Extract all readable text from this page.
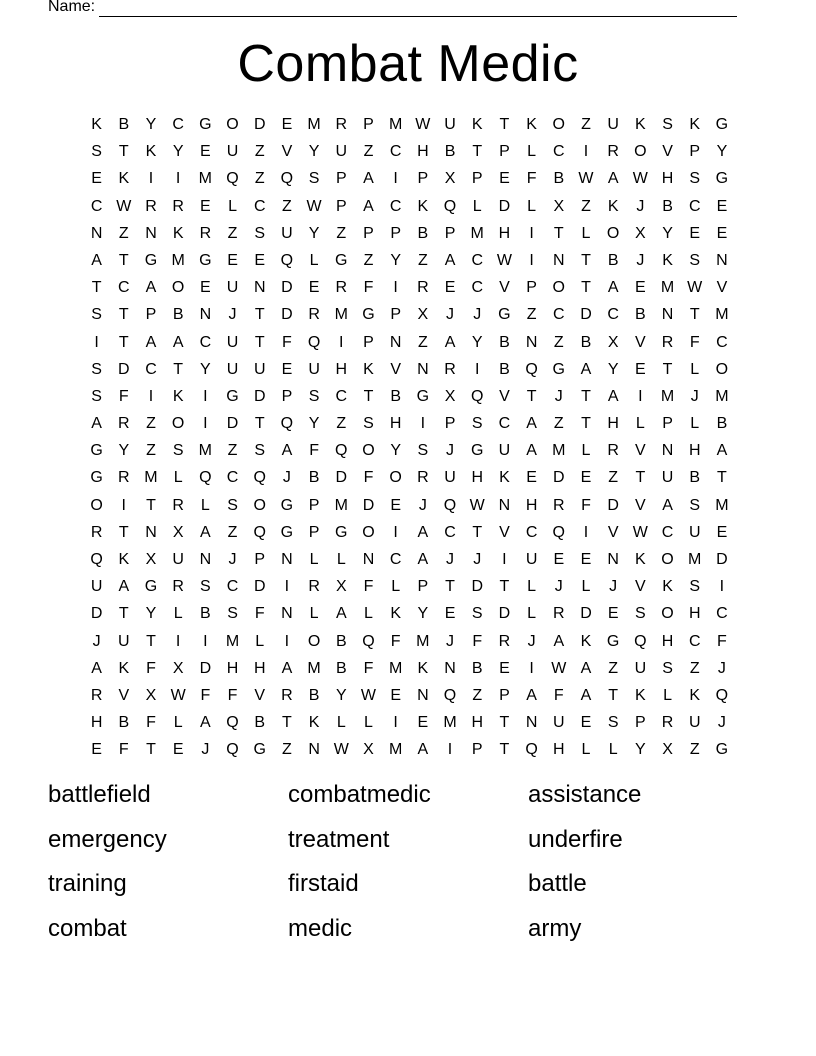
Name:
Combat Medic
K	B	Y	C G O D	E M R	P M W U	K	T	K O	Z	U	K	S	K G
S	T	K	Y	E	U	Z	V	Y	U	Z	C H	B	T	P	L	C	I	R O V	P	Y
E	K	I	I	M Q	Z	Q S	P	A	I	P	X	P	E	F	B W A W H	S G
C W R R	E	L	C	Z W P	A	C	K Q	L	D	L	X	Z	K	J	B	C	E
N	Z	N	K	R	Z	S	U	Y	Z	P	P	B	P M H	I	T	L	O X	Y	E	E
A	T	G M G E	E Q	L	G	Z	Y	Z	A	C W	I	N	T	B	J	K	S	N
T	C	A O E	U N D	E	R	F	I	R	E	C	V	P O	T	A	E M W V
S	T	P	B	N	J	T	D R M G P	X	J	J	G	Z	C D C	B	N	T M
I	T	A	A	C U	T	F	Q	I	P	N	Z	A	Y	B	N	Z	B	X	V	R	F	C
S	D C	T	Y	U U	E	U H	K	V	N R	I	B Q G A	Y	E	T	L	O
S	F	I	K	I	G D	P	S	C	T	B G X Q V	T	J	T	A	I	M	J	M
A	R	Z	O	I	D	T	Q Y	Z	S	H	I	P	S	C	A	Z	T	H	L	P	L	B
G Y	Z	S M Z	S	A	F	Q O Y	S	J	G U	A M	L	R	V	N H	A
G R M	L	Q C Q	J	B	D	F	O R U H	K	E	D	E	Z	T	U	B	T
O	I	T	R	L	S O G P M D	E	J	Q W N H R	F	D	V	A	S M
R	T	N	X	A	Z	Q G P G O	I	A	C	T	V	C Q	I	V W C U	E
Q K	X	U N	J	P	N	L	L	N C	A	J	J	I	U	E	E	N	K O M D
U	A G R	S	C D	I	R	X	F	L	P	T	D	T	L	J	L	J	V	K	S	I
D	T	Y	L	B	S	F	N	L	A	L	K	Y	E	S	D	L	R D	E	S O H C
J	U	T	I	I	M	L	I	O B Q	F M	J	F	R	J	A	K G Q H C	F
A	K	F	X	D H H	A M B	F M K	N	B	E	I	W A	Z	U	S	Z	J
R	V	X W F	F	V	R	B	Y W E	N Q	Z	P	A	F	A	T	K	L	K Q
H	B	F	L	A Q B	T	K	L	L	I	E M H	T	N U	E	S	P	R U	J
E	F	T	E	J	Q G	Z	N W X M A	I	P	T	Q H	L	L	Y	X	Z	G
battlefield	combatmedic	assistance
emergency	treatment	underfire
training	firstaid	battle
combat	medic	army
